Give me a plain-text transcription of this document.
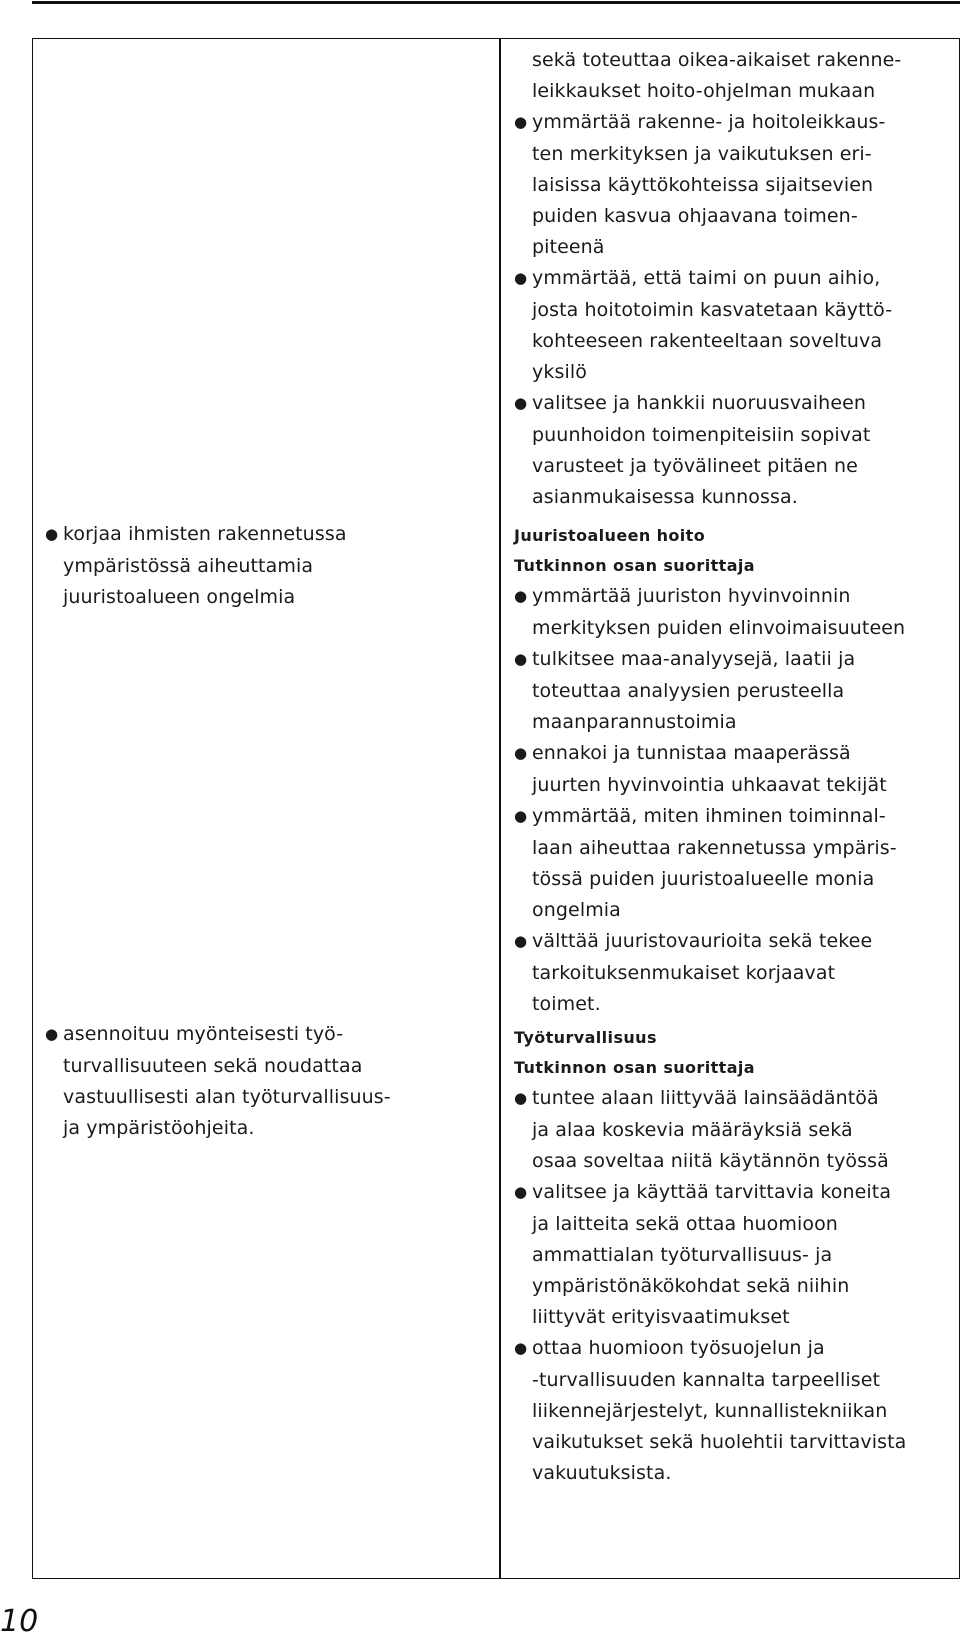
● korjaa ihmisten rakennetussa
ympäristössä aiheuttamia
juuristoalueen ongelmia
● asennoituu myönteisesti työ-
turvallisuuteen sekä noudattaa
vastuullisesti alan työturvallisuus-
ja ympäristöohjeita.
sekä toteuttaa oikea-aikaiset rakenne-
leikkaukset hoito-ohjelman mukaan
● ymmärtää rakenne- ja hoitoleikkaus-
ten merkityksen ja vaikutuksen eri-
laisissa käyttökohteissa sijaitsevien
puiden kasvua ohjaavana toimen-
piteenä
● ymmärtää, että taimi on puun aihio,
josta hoitotoimin kasvatetaan käyttö-
kohteeseen rakenteeltaan soveltuva
yksilö
● valitsee ja hankkii nuoruusvaiheen
puunhoidon toimenpiteisiin sopivat
varusteet ja työvälineet pitäen ne
asianmukaisessa kunnossa.
Juuristoalueen hoito
Tutkinnon osan suorittaja
● ymmärtää juuriston hyvinvoinnin
merkityksen puiden elinvoimaisuuteen
● tulkitsee maa-analyysejä, laatii ja
toteuttaa analyysien perusteella
maanparannustoimia
● ennakoi ja tunnistaa maaperässä
juurten hyvinvointia uhkaavat tekijät
● ymmärtää, miten ihminen toiminnal-
laan aiheuttaa rakennetussa ympäris-
tössä puiden juuristoalueelle monia
ongelmia
● välttää juuristovaurioita sekä tekee
tarkoituksenmukaiset korjaavat
toimet.
Työturvallisuus
Tutkinnon osan suorittaja
● tuntee alaan liittyvää lainsäädäntöä
ja alaa koskevia määräyksiä sekä
osaa soveltaa niitä käytännön työssä
● valitsee ja käyttää tarvittavia koneita
ja laitteita sekä ottaa huomioon
ammattialan työturvallisuus- ja
ympäristönäkökohdat sekä niihin
liittyvät erityisvaatimukset
● ottaa huomioon työsuojelun ja
-turvallisuuden kannalta tarpeelliset
liikennejärjestelyt, kunnallistekniikan
vaikutukset sekä huolehtii tarvittavista
vakuutuksista.
10
